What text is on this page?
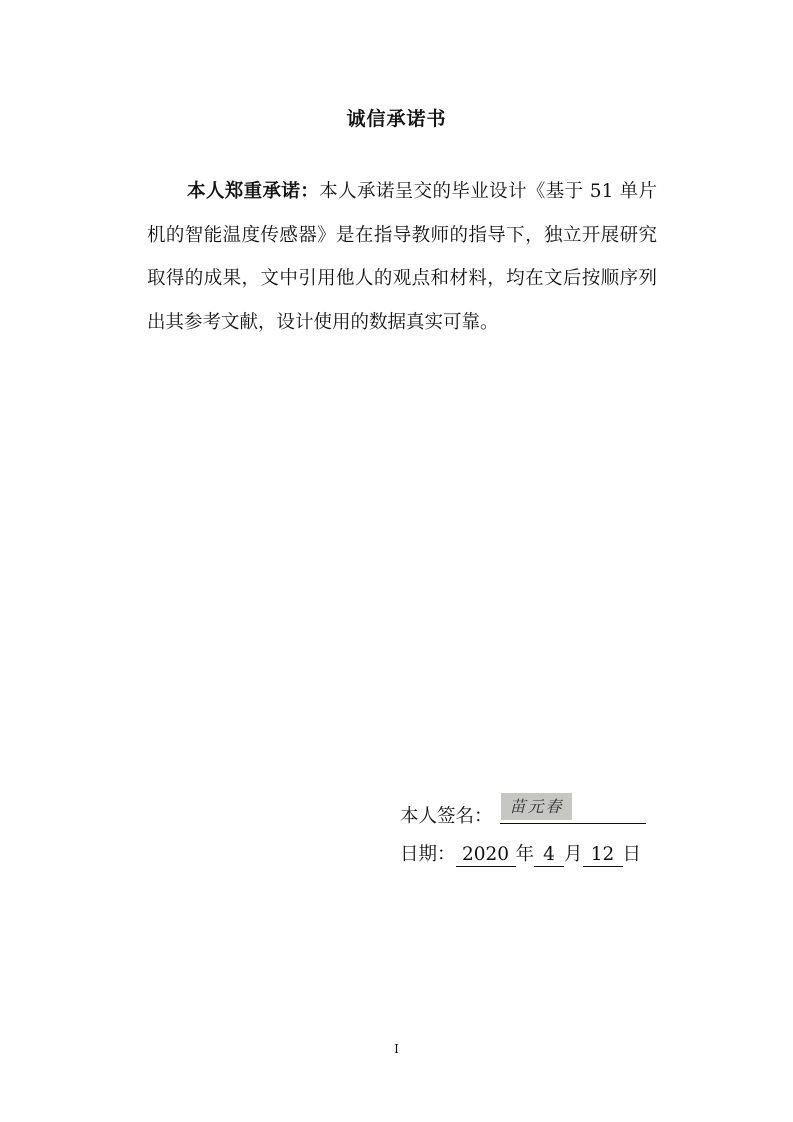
诚信承诺书

本人郑重承诺：本人承诺呈交的毕业设计《基于 51 单片机的智能温度传感器》是在指导教师的指导下，独立开展研究取得的成果，文中引用他人的观点和材料，均在文后按顺序列出其参考文献，设计使用的数据真实可靠。

本人签名：	苗元春
日期： 2020 年 4 月 12 日
I
